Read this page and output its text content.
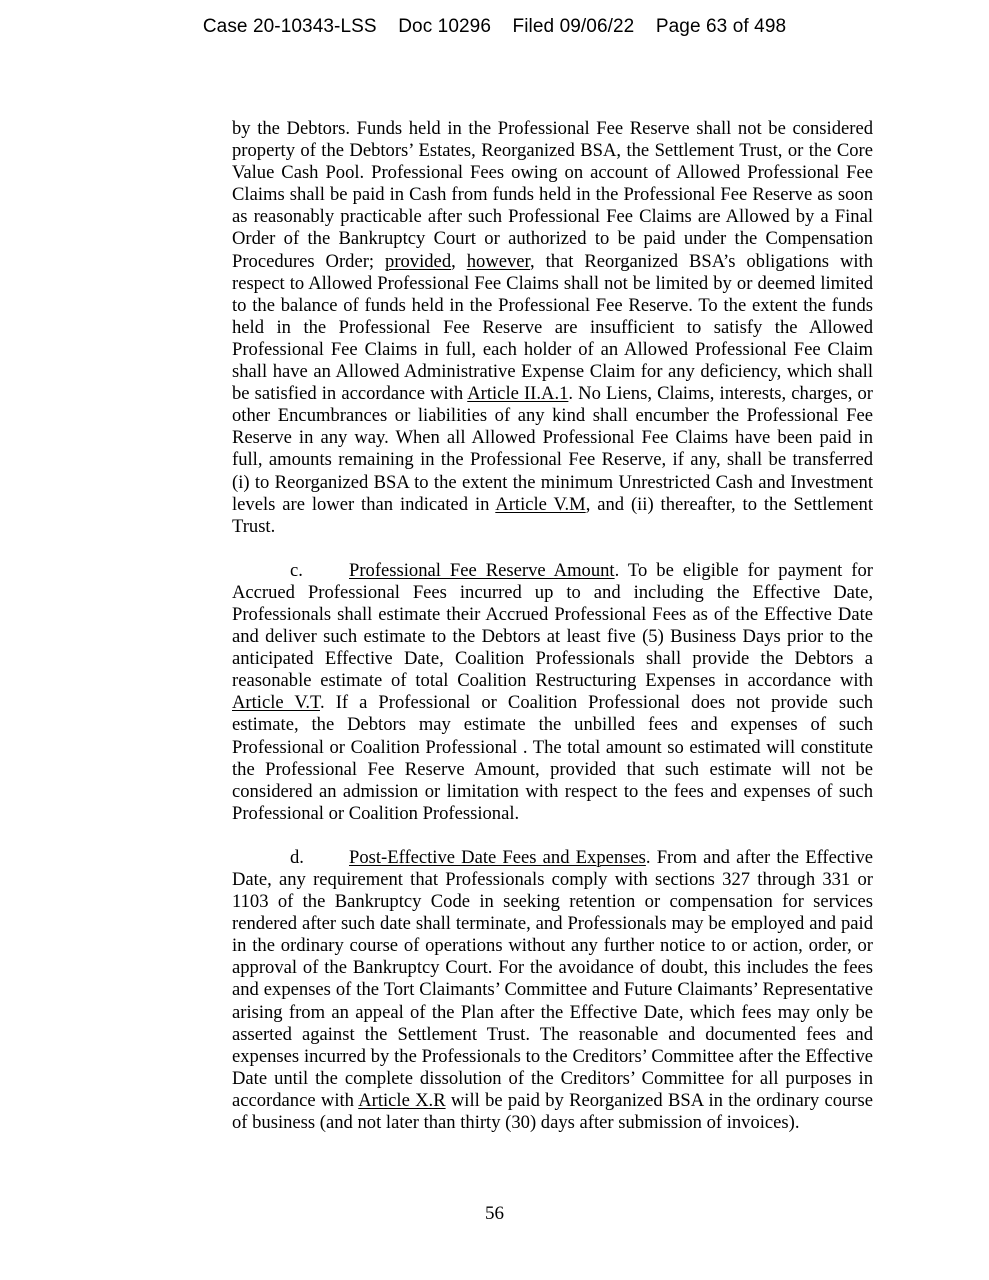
Case 20-10343-LSS    Doc 10296    Filed 09/06/22    Page 63 of 498

by the Debtors. Funds held in the Professional Fee Reserve shall not be considered property of the Debtors’ Estates, Reorganized BSA, the Settlement Trust, or the Core Value Cash Pool. Professional Fees owing on account of Allowed Professional Fee Claims shall be paid in Cash from funds held in the Professional Fee Reserve as soon as reasonably practicable after such Professional Fee Claims are Allowed by a Final Order of the Bankruptcy Court or authorized to be paid under the Compensation Procedures Order; provided, however, that Reorganized BSA’s obligations with respect to Allowed Professional Fee Claims shall not be limited by or deemed limited to the balance of funds held in the Professional Fee Reserve. To the extent the funds held in the Professional Fee Reserve are insufficient to satisfy the Allowed Professional Fee Claims in full, each holder of an Allowed Professional Fee Claim shall have an Allowed Administrative Expense Claim for any deficiency, which shall be satisfied in accordance with Article II.A.1. No Liens, Claims, interests, charges, or other Encumbrances or liabilities of any kind shall encumber the Professional Fee Reserve in any way. When all Allowed Professional Fee Claims have been paid in full, amounts remaining in the Professional Fee Reserve, if any, shall be transferred (i) to Reorganized BSA to the extent the minimum Unrestricted Cash and Investment levels are lower than indicated in Article V.M, and (ii) thereafter, to the Settlement Trust.

c. Professional Fee Reserve Amount. To be eligible for payment for Accrued Professional Fees incurred up to and including the Effective Date, Professionals shall estimate their Accrued Professional Fees as of the Effective Date and deliver such estimate to the Debtors at least five (5) Business Days prior to the anticipated Effective Date, Coalition Professionals shall provide the Debtors a reasonable estimate of total Coalition Restructuring Expenses in accordance with Article V.T. If a Professional or Coalition Professional does not provide such estimate, the Debtors may estimate the unbilled fees and expenses of such Professional or Coalition Professional . The total amount so estimated will constitute the Professional Fee Reserve Amount, provided that such estimate will not be considered an admission or limitation with respect to the fees and expenses of such Professional or Coalition Professional.

d. Post-Effective Date Fees and Expenses. From and after the Effective Date, any requirement that Professionals comply with sections 327 through 331 or 1103 of the Bankruptcy Code in seeking retention or compensation for services rendered after such date shall terminate, and Professionals may be employed and paid in the ordinary course of operations without any further notice to or action, order, or approval of the Bankruptcy Court. For the avoidance of doubt, this includes the fees and expenses of the Tort Claimants’ Committee and Future Claimants’ Representative arising from an appeal of the Plan after the Effective Date, which fees may only be asserted against the Settlement Trust. The reasonable and documented fees and expenses incurred by the Professionals to the Creditors’ Committee after the Effective Date until the complete dissolution of the Creditors’ Committee for all purposes in accordance with Article X.R will be paid by Reorganized BSA in the ordinary course of business (and not later than thirty (30) days after submission of invoices).

56
